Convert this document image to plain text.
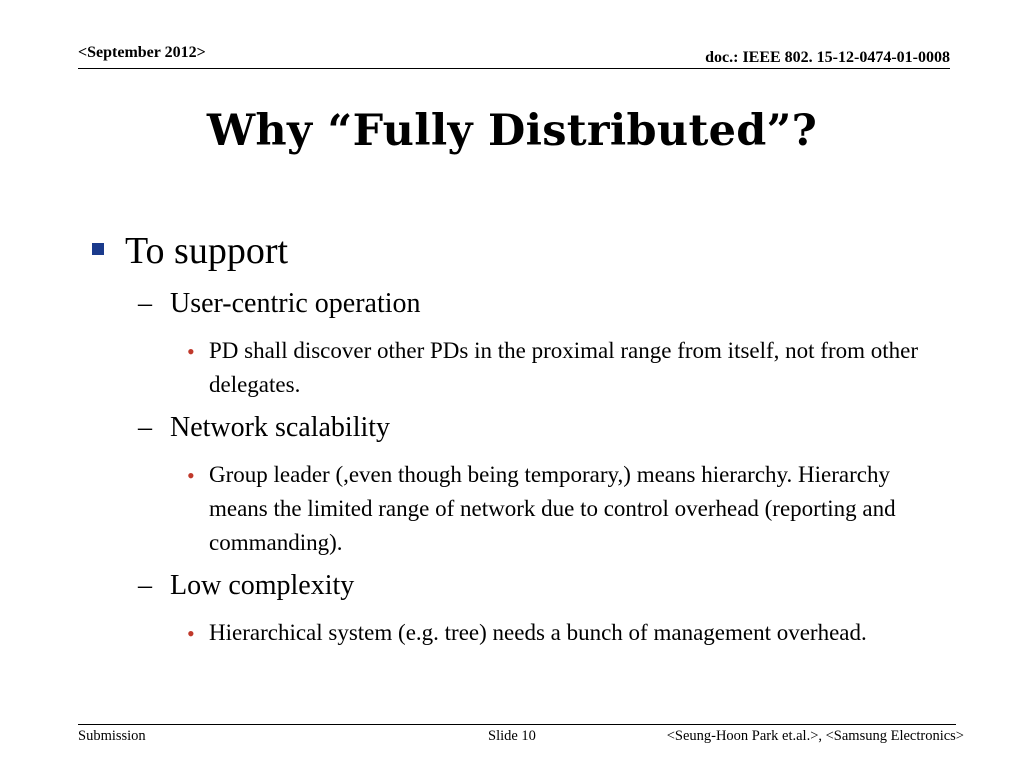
<September 2012>	doc.: IEEE 802. 15-12-0474-01-0008
Why “Fully Distributed”?
To support
– User-centric operation
• PD shall discover other PDs in the proximal range from itself, not from other delegates.
– Network scalability
• Group leader (,even though being temporary,) means hierarchy. Hierarchy means the limited range of network due to control overhead (reporting and commanding).
– Low complexity
• Hierarchical system (e.g. tree) needs a bunch of management overhead.
Submission	Slide 10	<Seung-Hoon Park et.al.>, <Samsung Electronics>
